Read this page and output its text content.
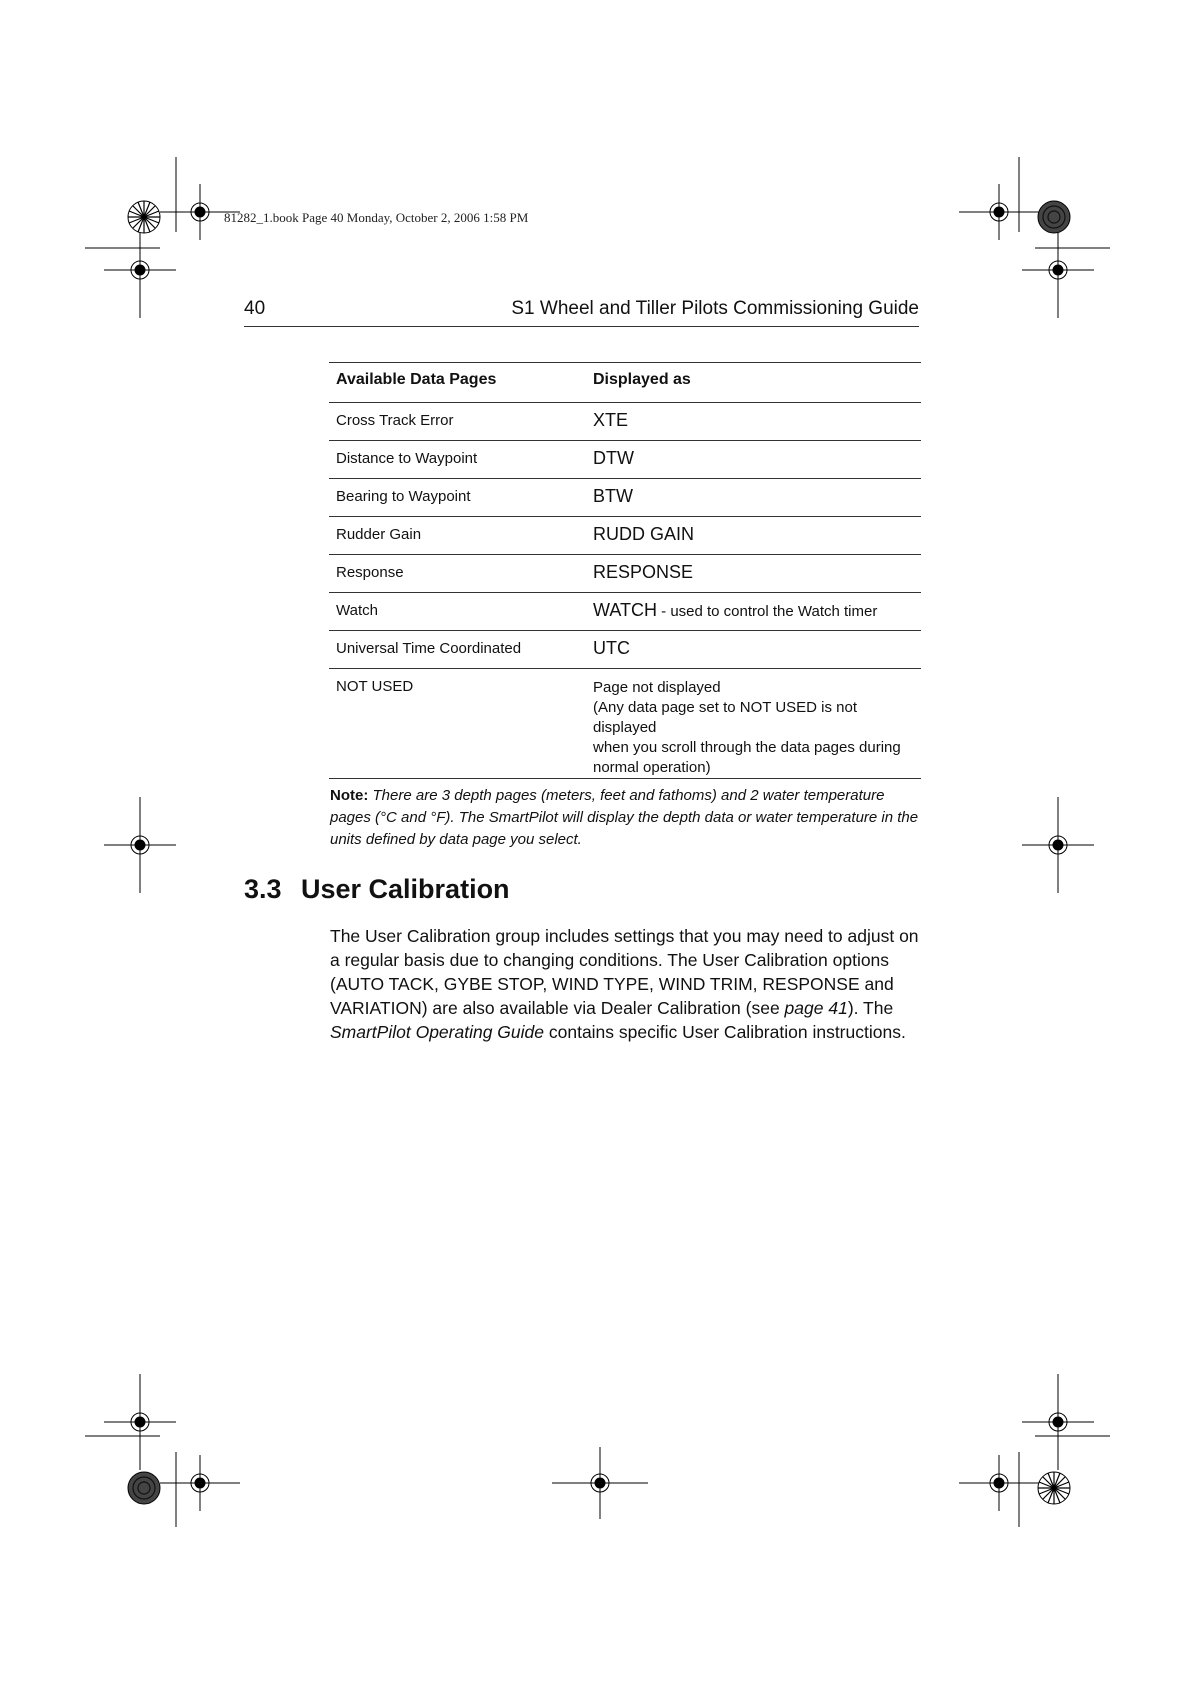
81282_1.book Page 40 Monday, October 2, 2006 1:58 PM
40	S1 Wheel and Tiller Pilots Commissioning Guide
Available Data Pages	Displayed as
Cross Track Error	XTE
Distance to Waypoint	DTW
Bearing to Waypoint	BTW
Rudder Gain	RUDD GAIN
Response	RESPONSE
Watch	WATCH - used to control the Watch timer
Universal Time Coordinated	UTC
NOT USED	Page not displayed
(Any data page set to NOT USED is not displayed
when you scroll through the data pages during
normal operation)
Note: There are 3 depth pages (meters, feet and fathoms) and 2 water temperature pages (°C and °F). The SmartPilot will display the depth data or water temperature in the units defined by data page you select.
3.3 User Calibration
The User Calibration group includes settings that you may need to adjust on a regular basis due to changing conditions. The User Calibration options (AUTO TACK, GYBE STOP, WIND TYPE, WIND TRIM, RESPONSE and VARIATION) are also available via Dealer Calibration (see page 41). The SmartPilot Operating Guide contains specific User Calibration instructions.
